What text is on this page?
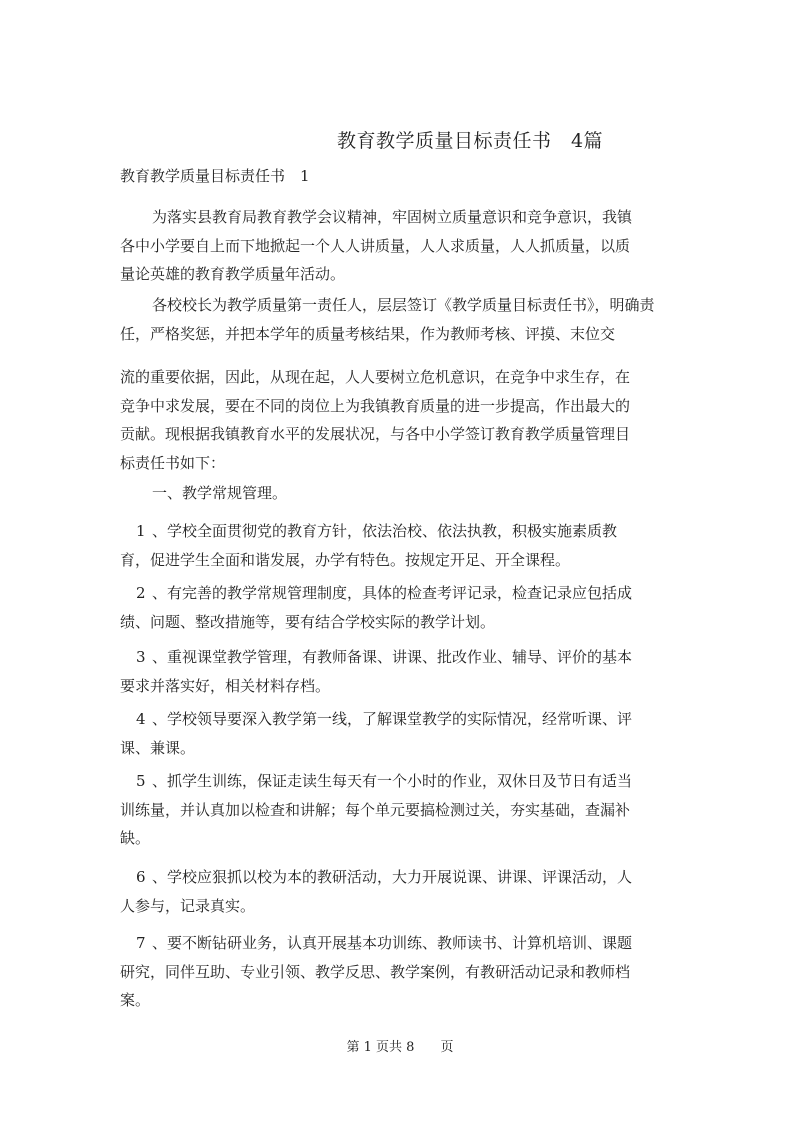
教育教学质量目标责任书　4篇
教育教学质量目标责任书　1
为落实县教育局教育教学会议精神，牢固树立质量意识和竞争意识，我镇
各中小学要自上而下地掀起一个人人讲质量，人人求质量，人人抓质量，以质
量论英雄的教育教学质量年活动。
各校校长为教学质量第一责任人，层层签订《教学质量目标责任书》，明确责
任，严格奖惩，并把本学年的质量考核结果，作为教师考核、评摸、末位交
流的重要依据，因此，从现在起，人人要树立危机意识，在竞争中求生存，在
竞争中求发展，要在不同的岗位上为我镇教育质量的进一步提高，作出最大的
贡献。现根据我镇教育水平的发展状况，与各中小学签订教育教学质量管理目
标责任书如下：
一、教学常规管理。
1 、学校全面贯彻党的教育方针，依法治校、依法执教，积极实施素质教
育，促进学生全面和谐发展，办学有特色。按规定开足、开全课程。
2 、有完善的教学常规管理制度，具体的检查考评记录，检查记录应包括成
绩、问题、整改措施等，要有结合学校实际的教学计划。
3 、重视课堂教学管理，有教师备课、讲课、批改作业、辅导、评价的基本
要求并落实好，相关材料存档。
4 、学校领导要深入教学第一线，了解课堂教学的实际情况，经常听课、评
课、兼课。
5 、抓学生训练，保证走读生每天有一个小时的作业，双休日及节日有适当
训练量，并认真加以检查和讲解；每个单元要搞检测过关，夯实基础，查漏补
缺。
6 、学校应狠抓以校为本的教研活动，大力开展说课、讲课、评课活动，人
人参与，记录真实。
7 、要不断钻研业务，认真开展基本功训练、教师读书、计算机培训、课题
研究，同伴互助、专业引领、教学反思、教学案例，有教研活动记录和教师档
案。
第 1 页共 8　　页
